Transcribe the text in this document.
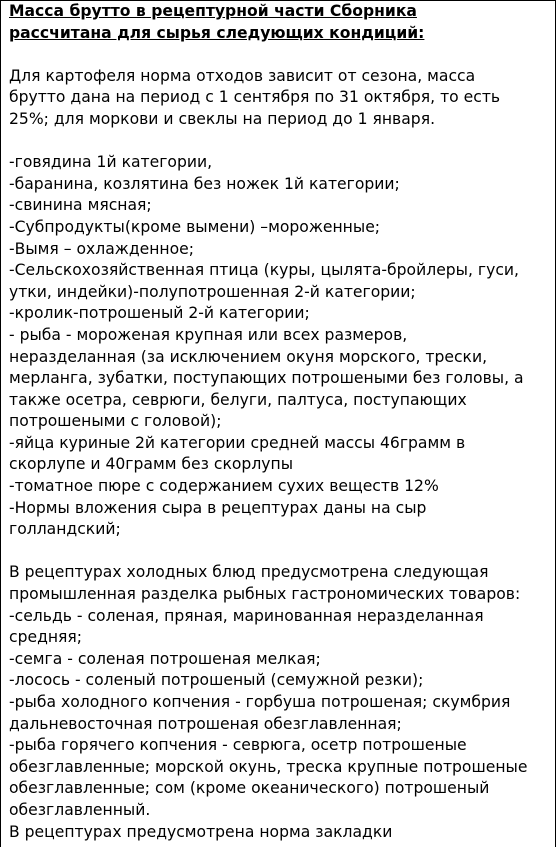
Масса брутто в рецептурной части Сборника

рассчитана для сырья следующих кондиций:

Для картофеля норма отходов зависит от сезона, масса

брутто дана на период с 1 сентября по 31 октября, то есть

25%; для моркови и свеклы на период до 1 января.

-говядина 1й категории,

-баранина, козлятина без ножек 1й категории;

-свинина мясная;

-Субпродукты(кроме вымени) –мороженные;

-Вымя – охлажденное;

-Сельскохозяйственная птица (куры, цылята-бройлеры, гуси,

утки, индейки)-полупотрошенная 2-й категории;

-кролик-потрошеный 2-й категории;

- рыба - мороженая крупная или всех размеров,

неразделанная (за исключением окуня морского, трески,

мерланга, зубатки, поступающих потрошеными без головы, а

также осетра, севрюги, белуги, палтуса, поступающих

потрошеными с головой);

-яйца куриные 2й категории средней массы 46грамм в

скорлупе и 40грамм без скорлупы

-томатное пюре с содержанием сухих веществ 12%

-Нормы вложения сыра в рецептурах даны на сыр

голландский;

В рецептурах холодных блюд предусмотрена следующая

промышленная разделка рыбных гастрономических товаров:

-сельдь - соленая, пряная, маринованная неразделанная

средняя;

-семга - соленая потрошеная мелкая;

-лосось - соленый потрошеный (семужной резки);

-рыба холодного копчения - горбуша потрошеная; скумбрия

дальневосточная потрошеная обезглавленная;

-рыба горячего копчения - севрюга, осетр потрошеные

обезглавленные; морской окунь, треска крупные потрошеные

обезглавленные; сом (кроме океанического) потрошеный

обезглавленный.

В рецептурах предусмотрена норма закладки
